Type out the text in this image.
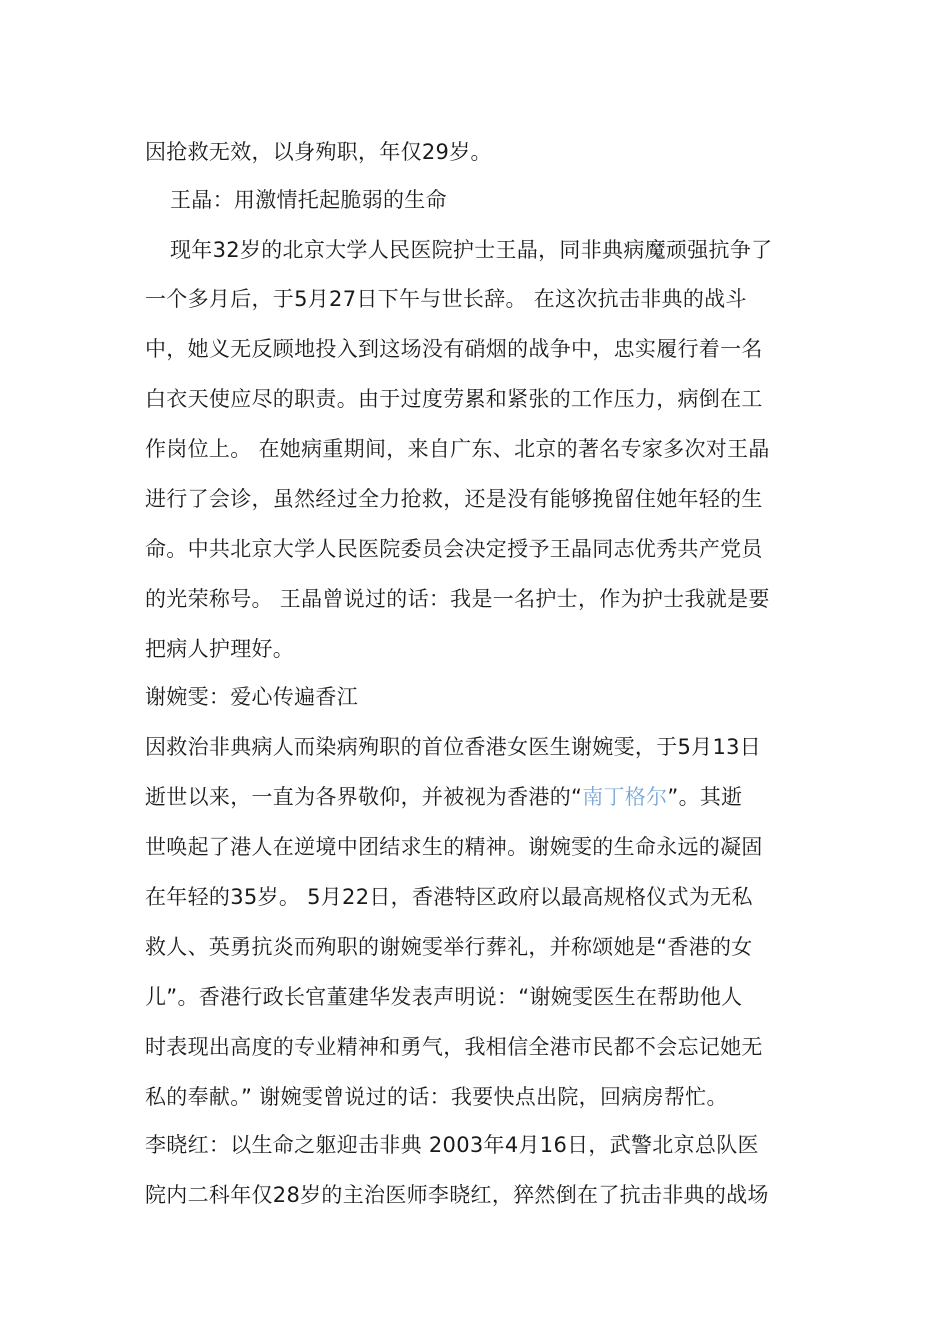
因抢救无效，以身殉职，年仅29岁。
王晶：用激情托起脆弱的生命
现年32岁的北京大学人民医院护士王晶，同非典病魔顽强抗争了
一个多月后，于5月27日下午与世长辞。 在这次抗击非典的战斗
中，她义无反顾地投入到这场没有硝烟的战争中，忠实履行着一名
白衣天使应尽的职责。由于过度劳累和紧张的工作压力，病倒在工
作岗位上。 在她病重期间，来自广东、北京的著名专家多次对王晶
进行了会诊，虽然经过全力抢救，还是没有能够挽留住她年轻的生
命。中共北京大学人民医院委员会决定授予王晶同志优秀共产党员
的光荣称号。 王晶曾说过的话：我是一名护士，作为护士我就是要
把病人护理好。
谢婉雯：爱心传遍香江
因救治非典病人而染病殉职的首位香港女医生谢婉雯，于5月13日
逝世以来，一直为各界敬仰，并被视为香港的“南丁格尔”。其逝
世唤起了港人在逆境中团结求生的精神。谢婉雯的生命永远的凝固
在年轻的35岁。 5月22日，香港特区政府以最高规格仪式为无私
救人、英勇抗炎而殉职的谢婉雯举行葬礼，并称颂她是“香港的女
儿”。香港行政长官董建华发表声明说：“谢婉雯医生在帮助他人
时表现出高度的专业精神和勇气，我相信全港市民都不会忘记她无
私的奉献。” 谢婉雯曾说过的话：我要快点出院，回病房帮忙。
李晓红：以生命之躯迎击非典 2003年4月16日，武警北京总队医
院内二科年仅28岁的主治医师李晓红，猝然倒在了抗击非典的战场
